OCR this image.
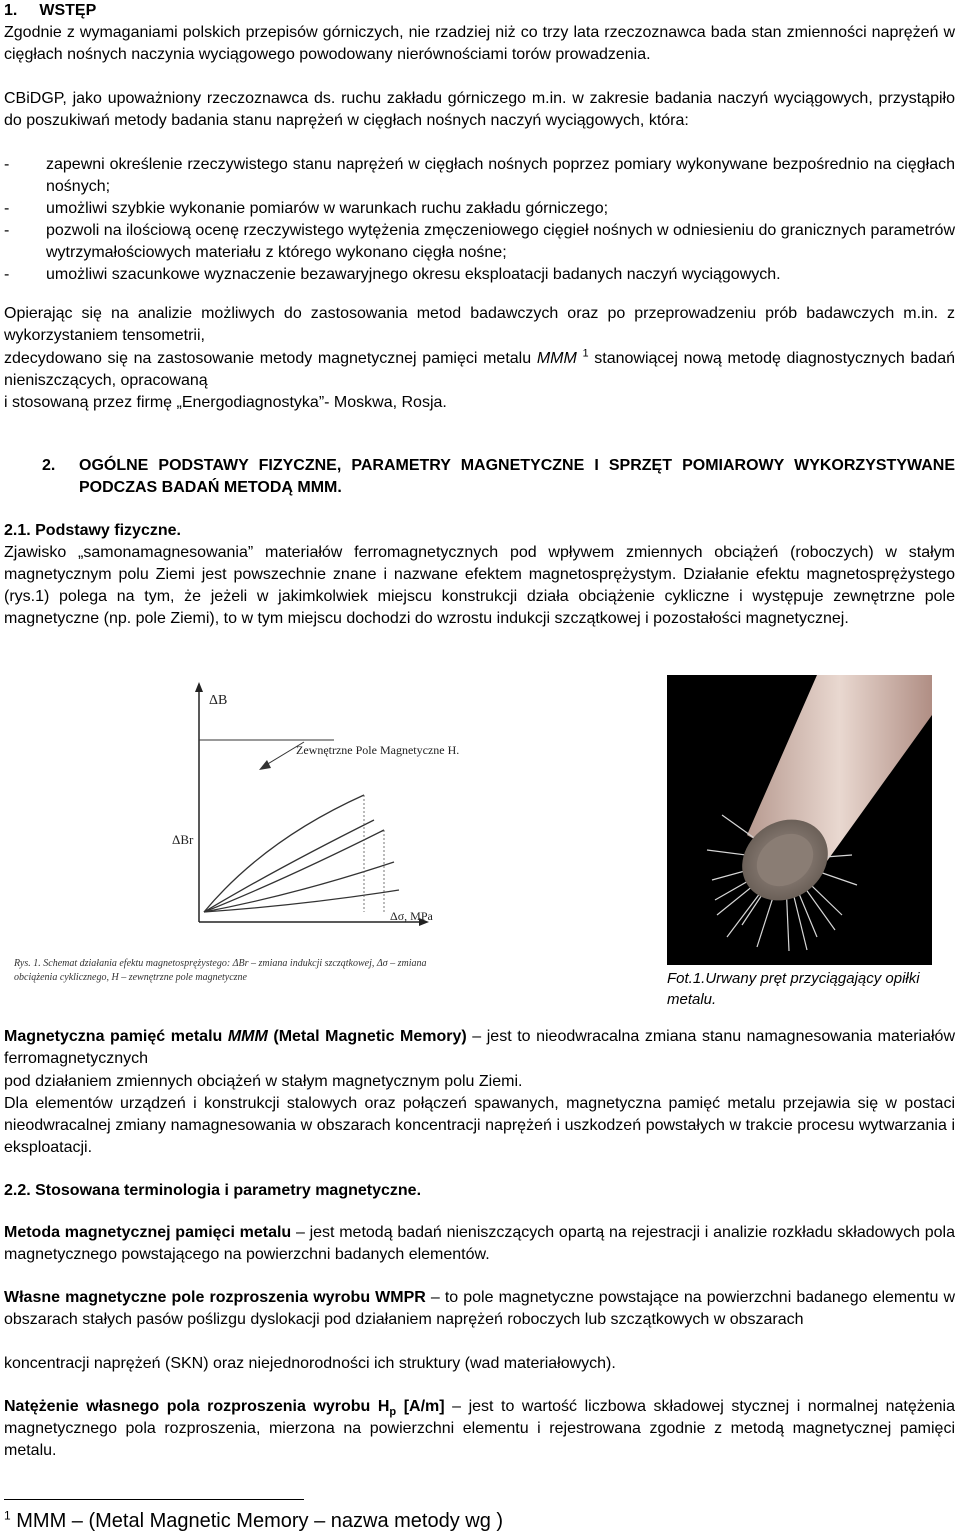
1. WSTĘP

Zgodnie z wymaganiami polskich przepisów górniczych, nie rzadziej niż co trzy lata rzeczoznawca bada stan zmienności naprężeń w cięgłach nośnych naczynia wyciągowego powodowany nierównościami torów prowadzenia.

CBiDGP, jako upoważniony rzeczoznawca ds. ruchu zakładu górniczego m.in. w zakresie badania naczyń wyciągowych, przystąpiło do poszukiwań metody badania stanu naprężeń w cięgłach nośnych naczyń wyciągowych, która:

- zapewni określenie rzeczywistego stanu naprężeń w cięgłach nośnych poprzez pomiary wykonywane bezpośrednio na cięgłach nośnych;
- umożliwi szybkie wykonanie pomiarów w warunkach ruchu zakładu górniczego;
- pozwoli na ilościową ocenę rzeczywistego wytężenia zmęczeniowego cięgieł nośnych w odniesieniu do granicznych parametrów wytrzymałościowych materiału z którego wykonano cięgła nośne;
- umożliwi szacunkowe wyznaczenie bezawaryjnego okresu eksploatacji badanych naczyń wyciągowych.

Opierając się na analizie możliwych do zastosowania metod badawczych oraz po przeprowadzeniu prób badawczych m.in. z wykorzystaniem tensometrii,

zdecydowano się na zastosowanie metody magnetycznej pamięci metalu MMM $^1$ stanowiącej nową metodę diagnostycznych badań nieniszczących, opracowaną

i stosowaną przez firmę „Energodiagnostyka”- Moskwa, Rosja.

2. OGÓLNE PODSTAWY FIZYCZNE, PARAMETRY MAGNETYCZNE I SPRZĘT POMIAROWY WYKORZYSTYWANE PODCZAS BADAŃ METODĄ MMM.
2.1. Podstawy fizyczne.

Zjawisko „samonamagnesowania” materiałów ferromagnetycznych pod wpływem zmiennych obciążeń (roboczych) w stałym magnetycznym polu Ziemi jest powszechnie znane i nazwane efektem magnetosprężystym. Działanie efektu magnetosprężystego (rys.1) polega na tym, że jeżeli w jakimkolwiek miejscu konstrukcji działa obciążenie cykliczne i występuje zewnętrzne pole magnetyczne (np. pole Ziemi), to w tym miejscu dochodzi do wzrostu indukcji szczątkowej i pozostałości magnetycznej.

ΔB
Zewnętrzne Pole Magnetyczne H.
ΔBr
Δσ, MPa
Rys. 1. Schemat działania efektu magnetosprężystego: ΔBr – zmiana indukcji szczątkowej, Δσ – zmiana
obciążenia cyklicznego, H – zewnętrzne pole magnetyczne	Fot.1.Urwany pręt przyciągający opiłki metalu.

Magnetyczna pamięć metalu MMM (Metal Magnetic Memory) – jest to nieodwracalna zmiana stanu namagnesowania materiałów ferromagnetycznych

pod działaniem zmiennych obciążeń w stałym magnetycznym polu Ziemi.

Dla elementów urządzeń i konstrukcji stalowych oraz połączeń spawanych, magnetyczna pamięć metalu przejawia się w postaci nieodwracalnej zmiany namagnesowania w obszarach koncentracji naprężeń i uszkodzeń powstałych w trakcie procesu wytwarzania i eksploatacji.

2.2. Stosowana terminologia i parametry magnetyczne.

Metoda magnetycznej pamięci metalu – jest metodą badań nieniszczących opartą na rejestracji i analizie rozkładu składowych pola magnetycznego powstającego na powierzchni badanych elementów.

Własne magnetyczne pole rozproszenia wyrobu WMPR – to pole magnetyczne powstające na powierzchni badanego elementu w obszarach stałych pasów poślizgu dyslokacji pod działaniem naprężeń roboczych lub szczątkowych w obszarach

koncentracji naprężeń (SKN) oraz niejednorodności ich struktury (wad materiałowych).

Natężenie własnego pola rozproszenia wyrobu $H_p$ [A/m] – jest to wartość liczbowa składowej stycznej i normalnej natężenia magnetycznego pola rozproszenia, mierzona na powierzchni elementu i rejestrowana zgodnie z metodą magnetycznej pamięci metalu.

$^1$ MMM – (Metal Magnetic Memory – nazwa metody wg )
